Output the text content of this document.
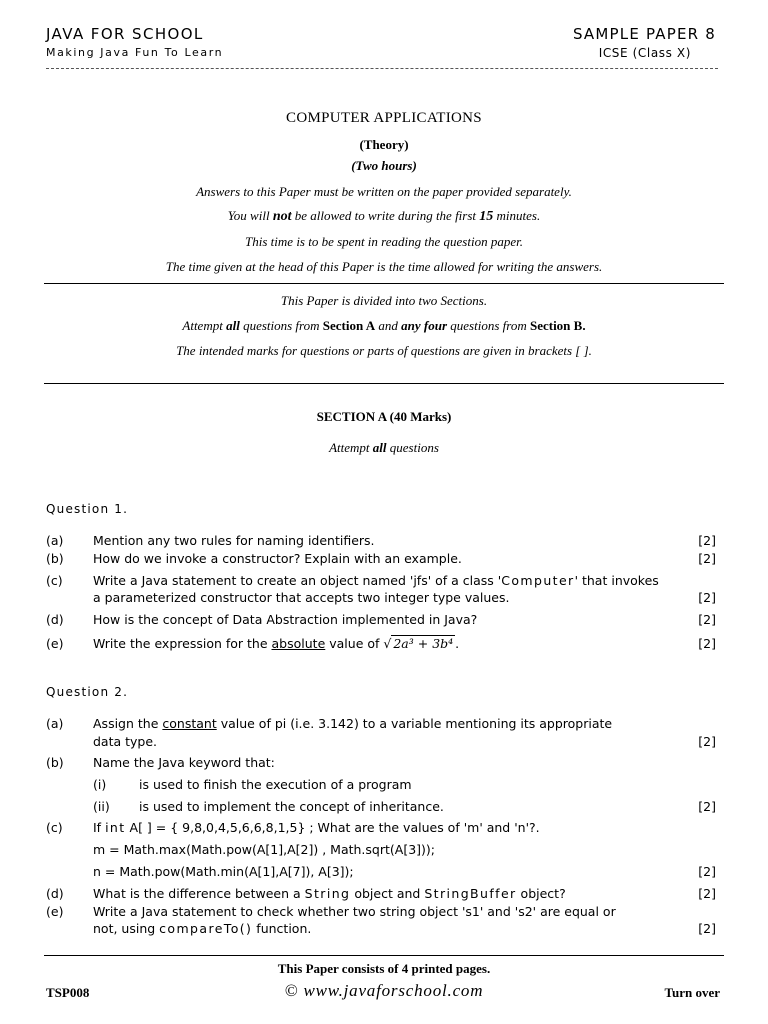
JAVA FOR SCHOOL
Making Java Fun To Learn
SAMPLE PAPER 8
ICSE (Class X)
COMPUTER APPLICATIONS
(Theory)
(Two hours)
Answers to this Paper must be written on the paper provided separately.
You will not be allowed to write during the first 15 minutes.
This time is to be spent in reading the question paper.
The time given at the head of this Paper is the time allowed for writing the answers.
This Paper is divided into two Sections.
Attempt all questions from Section A and any four questions from Section B.
The intended marks for questions or parts of questions are given in brackets [ ].
SECTION A (40 Marks)
Attempt all questions
Question 1.
(a) Mention any two rules for naming identifiers.	[2]
(b) How do we invoke a constructor? Explain with an example.	[2]
(c) Write a Java statement to create an object named 'jfs' of a class 'Computer' that invokes
a parameterized constructor that accepts two integer type values.	[2]
(d) How is the concept of Data Abstraction implemented in Java?	[2]
(e) Write the expression for the absolute value of √ 2a³ + 3b⁴ .	[2]
Question 2.
(a) Assign the constant value of pi (i.e. 3.142) to a variable mentioning its appropriate
data type.	[2]
(b) Name the Java keyword that:
(i)	is used to finish the execution of a program
(ii) is used to implement the concept of inheritance.	[2]
(c) If int A[ ] = { 9,8,0,4,5,6,6,8,1,5} ; What are the values of 'm' and 'n'?.
m = Math.max(Math.pow(A[1],A[2]) , Math.sqrt(A[3]));
n = Math.pow(Math.min(A[1],A[7]), A[3]);	[2]
(d) What is the difference between a String object and StringBuffer object?	[2]
(e) Write a Java statement to check whether two string object 's1' and 's2' are equal or
not, using compareTo() function.	[2]
This Paper consists of 4 printed pages.
TSP008	© www.javaforschool.com	Turn over
